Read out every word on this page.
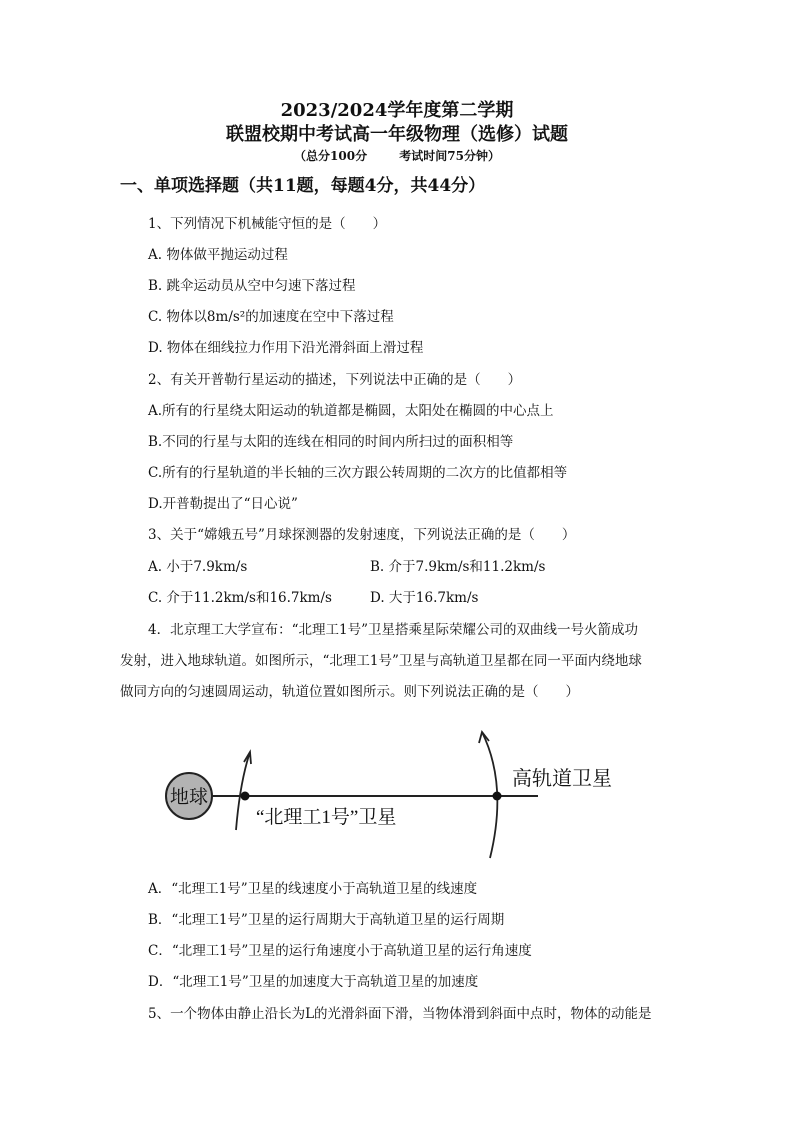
2023/2024学年度第二学期
联盟校期中考试高一年级物理（选修）试题
（总分100分	考试时间75分钟）
一、单项选择题（共11题，每题4分，共44分）
1、下列情况下机械能守恒的是（　　）
A. 物体做平抛运动过程
B. 跳伞运动员从空中匀速下落过程
C. 物体以8m/s²的加速度在空中下落过程
D. 物体在细线拉力作用下沿光滑斜面上滑过程
2、有关开普勒行星运动的描述，下列说法中正确的是（　　）
A.所有的行星绕太阳运动的轨道都是椭圆，太阳处在椭圆的中心点上
B.不同的行星与太阳的连线在相同的时间内所扫过的面积相等
C.所有的行星轨道的半长轴的三次方跟公转周期的二次方的比值都相等
D.开普勒提出了“日心说”
3、关于“嫦娥五号”月球探测器的发射速度，下列说法正确的是（　　）
A. 小于7.9km/s	B. 介于7.9km/s和11.2km/s
C. 介于11.2km/s和16.7km/s	D. 大于16.7km/s
4．北京理工大学宣布：“北理工1号”卫星搭乘星际荣耀公司的双曲线一号火箭成功
发射，进入地球轨道。如图所示，“北理工1号”卫星与高轨道卫星都在同一平面内绕地球
做同方向的匀速圆周运动，轨道位置如图所示。则下列说法正确的是（　　）
地球
“北理工1号”卫星
高轨道卫星
A．“北理工1号”卫星的线速度小于高轨道卫星的线速度
B．“北理工1号”卫星的运行周期大于高轨道卫星的运行周期
C．“北理工1号”卫星的运行角速度小于高轨道卫星的运行角速度
D．“北理工1号”卫星的加速度大于高轨道卫星的加速度
5、一个物体由静止沿长为L的光滑斜面下滑，当物体滑到斜面中点时，物体的动能是
